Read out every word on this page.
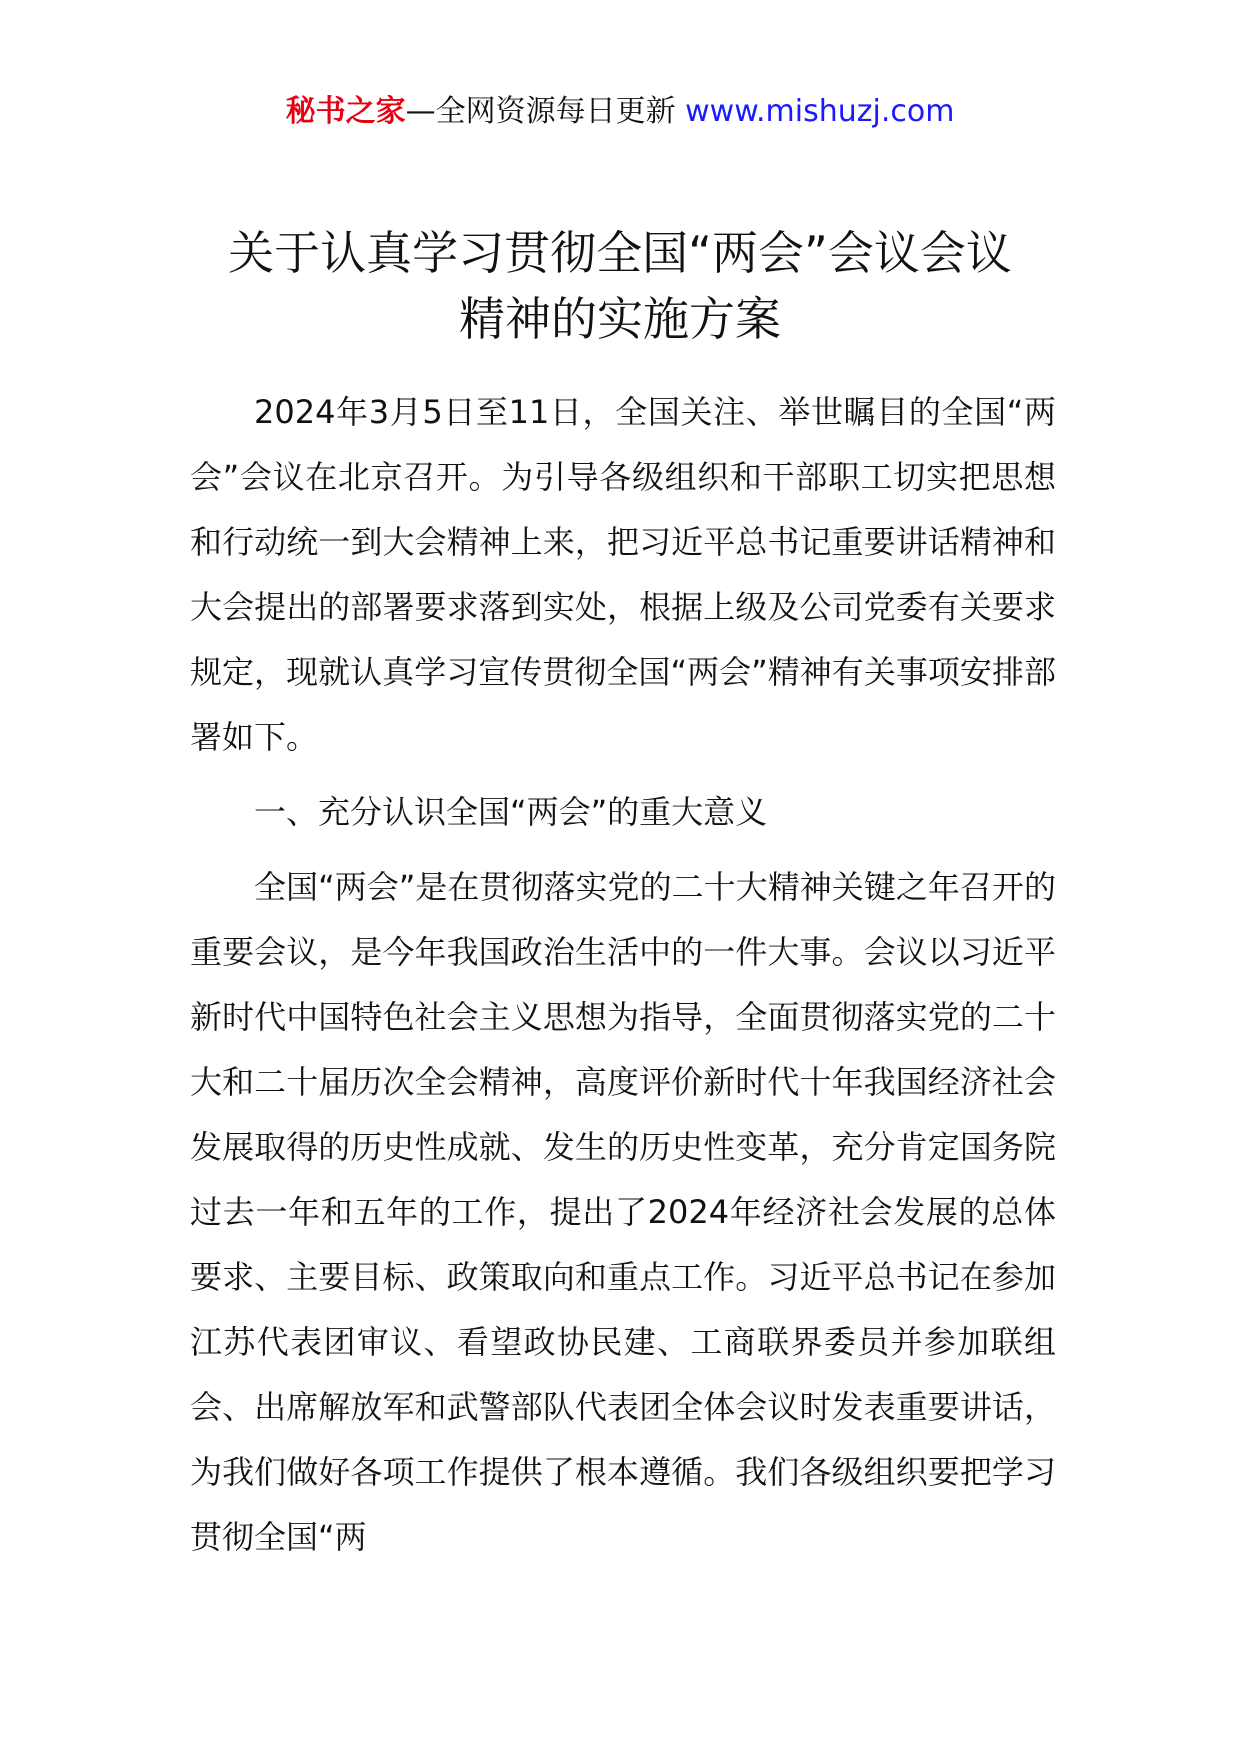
秘书之家—全网资源每日更新 www.mishuzj.com
关于认真学习贯彻全国“两会”会议会议
精神的实施方案

2024年3月5日至11日，全国关注、举世瞩目的全国“两会”会议在北京召开。为引导各级组织和干部职工切实把思想和行动统一到大会精神上来，把习近平总书记重要讲话精神和大会提出的部署要求落到实处，根据上级及公司党委有关要求规定，现就认真学习宣传贯彻全国“两会”精神有关事项安排部署如下。

一、充分认识全国“两会”的重大意义

全国“两会”是在贯彻落实党的二十大精神关键之年召开的重要会议，是今年我国政治生活中的一件大事。会议以习近平新时代中国特色社会主义思想为指导，全面贯彻落实党的二十大和二十届历次全会精神，高度评价新时代十年我国经济社会发展取得的历史性成就、发生的历史性变革，充分肯定国务院过去一年和五年的工作，提出了2024年经济社会发展的总体要求、主要目标、政策取向和重点工作。习近平总书记在参加江苏代表团审议、看望政协民建、工商联界委员并参加联组会、出席解放军和武警部队代表团全体会议时发表重要讲话，为我们做好各项工作提供了根本遵循。我们各级组织要把学习贯彻全国“两
